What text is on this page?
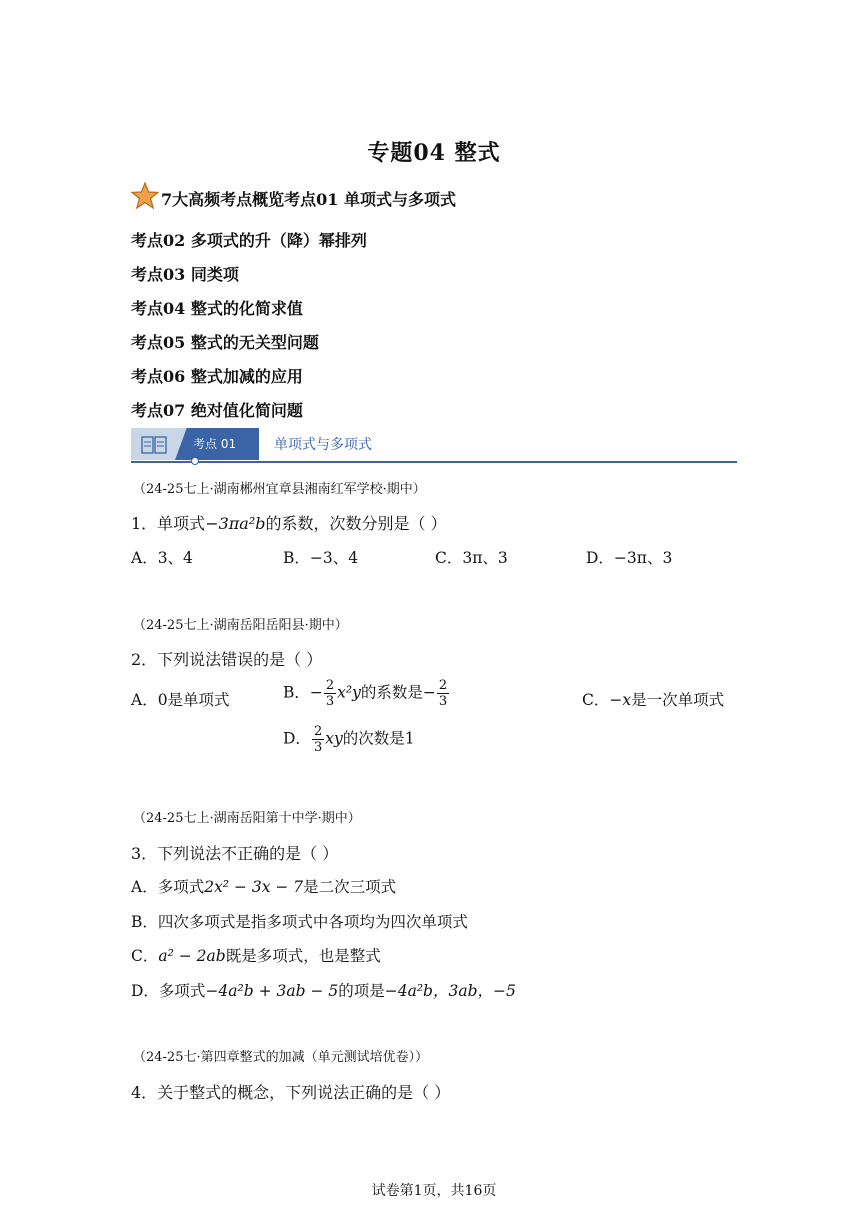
专题04 整式
7大高频考点概览考点01 单项式与多项式
考点02 多项式的升（降）幂排列
考点03 同类项
考点04 整式的化简求值
考点05 整式的无关型问题
考点06 整式加减的应用
考点07 绝对值化简问题
考点 01	单项式与多项式
（24-25七上·湖南郴州宜章县湘南红军学校·期中）
1．单项式−3πa²b的系数，次数分别是（ ）
A．3、4	B．−3、4	C．3π、3	D．−3π、3
（24-25七上·湖南岳阳岳阳县·期中）
2．下列说法错误的是（ ）
A．0是单项式	B．− $\frac{2}{3} x^2y$的系数是− $\frac{2}{3}$	C．−x是一次单项式
D． $\frac{2}{3}$ xy的次数是1
（24-25七上·湖南岳阳第十中学·期中）
3．下列说法不正确的是（ ）
A．多项式2x² − 3x − 7是二次三项式
B．四次多项式是指多项式中各项均为四次单项式
C．a² − 2ab既是多项式，也是整式
D．多项式−4a²b + 3ab − 5的项是−4a²b，3ab，−5
（24-25七·第四章整式的加减（单元测试培优卷））
4．关于整式的概念，下列说法正确的是（ ）
试卷第1页，共16页
